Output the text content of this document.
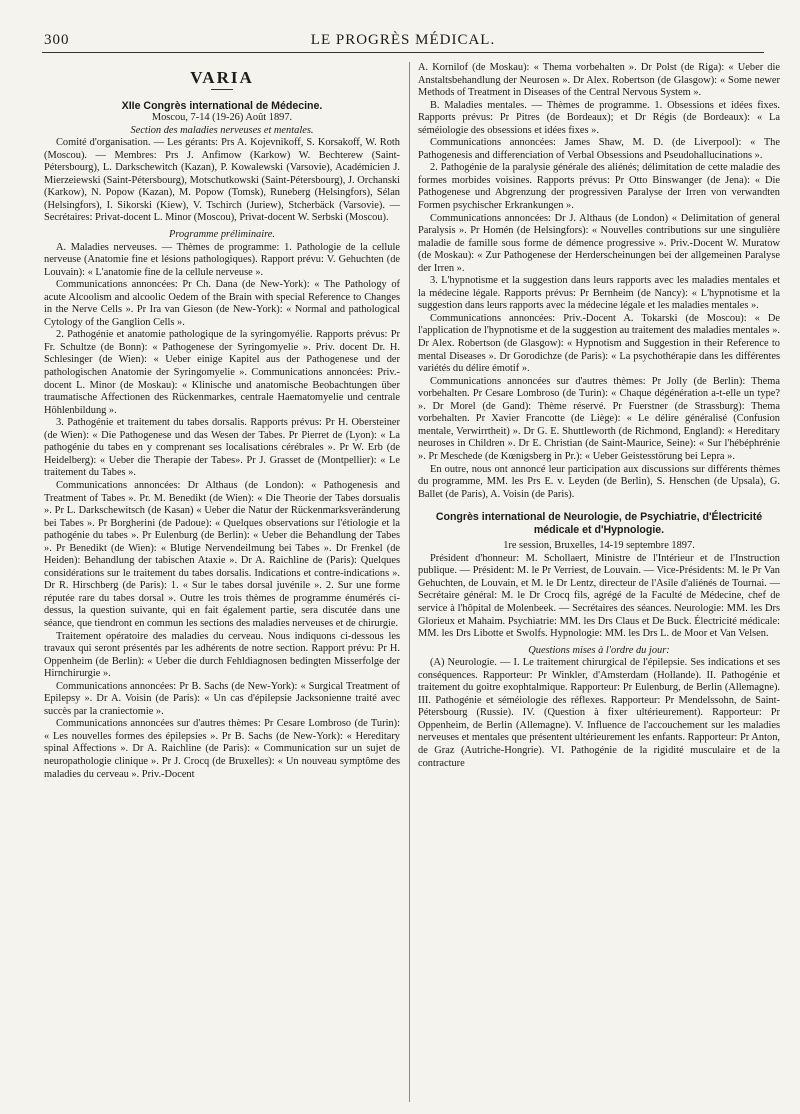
300	LE PROGRÈS MÉDICAL.
VARIA

XIIe Congrès international de Médecine.

Moscou, 7-14 (19-26) Août 1897.

Section des maladies nerveuses et mentales.

Comité d'organisation. — Les gérants: Prs A. Kojevnikoff, S. Korsakoff, W. Roth (Moscou). — Membres: Prs J. Anfimow (Karkow) W. Bechterew (Saint-Pétersbourg), L. Darkschewitch (Kazan), P. Kowalewski (Varsovie), Académicien J. Mierzeiewski (Saint-Pétersbourg), Motschutkowski (Saint-Pétersbourg), J. Orchanski (Karkow), N. Popow (Kazan), M. Popow (Tomsk), Runeberg (Helsingfors), Sélan (Helsingfors), I. Sikorski (Kiew), V. Tschirch (Juriew), Stcherbäck (Varsovie). — Secrétaires: Privat-docent L. Minor (Moscou), Privat-docent W. Serbski (Moscou).

Programme préliminaire.

A. Maladies nerveuses. — Thèmes de programme: 1. Pathologie de la cellule nerveuse (Anatomie fine et lésions pathologiques). Rapport prévu: V. Gehuchten (de Louvain): « L'anatomie fine de la cellule nerveuse ».

Communications annoncées: Pr Ch. Dana (de New-York): « The Pathology of acute Alcoolism and alcoolic Oedem of the Brain with special Reference to Changes in the Nerve Cells ». Pr Ira van Gieson (de New-York): « Normal and pathological Cytology of the Ganglion Cells ».

2. Pathogénie et anatomie pathologique de la syringomyélie. Rapports prévus: Pr Fr. Schultze (de Bonn): « Pathogenese der Syringomyelie ». Priv. docent Dr. H. Schlesinger (de Wien): « Ueber einige Kapitel aus der Pathogenese und der pathologischen Anatomie der Syringomyelie ». Communications annoncées: Priv.-docent L. Minor (de Moskau): « Klinische und anatomische Beobachtungen über traumatische Affectionen des Rückenmarkes, centrale Haematomyelie und centrale Höhlenbildung ».

3. Pathogénie et traitement du tabes dorsalis. Rapports prévus: Pr H. Obersteiner (de Wien): « Die Pathogenese und das Wesen der Tabes. Pr Pierret de (Lyon): « La pathogénie du tabes en y comprenant ses localisations cérébrales ». Pr W. Erb (de Heidelberg): « Ueber die Therapie der Tabes». Pr J. Grasset de (Montpellier): « Le traitement du Tabes ».

Communications annoncées: Dr Althaus (de London): « Pathogenesis and Treatment of Tabes ». Pr. M. Benedikt (de Wien): « Die Theorie der Tabes dorsualis ». Pr L. Darkschewitsch (de Kasan) « Ueber die Natur der Rückenmarksveränderung bei Tabes ». Pr Borgherini (de Padoue): « Quelques observations sur l'étiologie et la pathogénie du tabes ». Pr Eulenburg (de Berlin): « Ueber die Behandlung der Tabes ». Pr Benedikt (de Wien): « Blutige Nervendeilmung bei Tabes ». Dr Frenkel (de Heiden): Behandlung der tabischen Ataxie ». Dr A. Raichline de (Paris): Quelques considérations sur le traitement du tabes dorsalis. Indications et contre-indications ». Dr R. Hirschberg (de Paris): 1. « Sur le tabes dorsal juvénile ». 2. Sur une forme réputée rare du tabes dorsal ». Outre les trois thèmes de programme énumérés ci-dessus, la question suivante, qui en fait également partie, sera discutée dans une séance, que tiendront en commun les sections des maladies nerveuses et de chirurgie.

Traitement opératoire des maladies du cerveau. Nous indiquons ci-dessous les travaux qui seront présentés par les adhérents de notre section. Rapport prévu: Pr H. Oppenheim (de Berlin): « Ueber die durch Fehldiagnosen bedingten Misserfolge der Hirnchirurgie ».

Communications annoncées: Pr B. Sachs (de New-York): « Surgical Treatment of Epilepsy ». Dr A. Voisin (de Paris): « Un cas d'épilepsie Jacksonienne traité avec succès par la craniectomie ».

Communications annoncées sur d'autres thèmes: Pr Cesare Lombroso (de Turin): « Les nouvelles formes des épilepsies ». Pr B. Sachs (de New-York): « Hereditary spinal Affections ». Dr A. Raichline (de Paris): « Communication sur un sujet de neuropathologie clinique ». Pr J. Crocq (de Bruxelles): « Un nouveau symptôme des maladies du cerveau ». Priv.-Docent

A. Kornilof (de Moskau): « Thema vorbehalten ». Dr Polst (de Riga): « Ueber die Anstaltsbehandlung der Neurosen ». Dr Alex. Robertson (de Glasgow): « Some newer Methods of Treatment in Diseases of the Central Nervous System ».

B. Maladies mentales. — Thèmes de programme. 1. Obsessions et idées fixes. Rapports prévus: Pr Pitres (de Bordeaux); et Dr Régis (de Bordeaux): « La séméiologie des obsessions et idées fixes ».

Communications annoncées: James Shaw, M. D. (de Liverpool): « The Pathogenesis and differenciation of Verbal Obsessions and Pseudohallucinations ».

2. Pathogénie de la paralysie générale des aliénés; délimitation de cette maladie des formes morbides voisines. Rapports prévus: Pr Otto Binswanger (de Jena): « Die Pathogenese und Abgrenzung der progressiven Paralyse der Irren von verwandten Formen psychischer Erkrankungen ».

Communications annoncées: Dr J. Althaus (de London) « Delimitation of general Paralysis ». Pr Homén (de Helsingfors): « Nouvelles contributions sur une singulière maladie de famille sous forme de démence progressive ». Priv.-Docent W. Muratow (de Moskau): « Zur Pathogenese der Herderscheinungen bei der allgemeinen Paralyse der Irren ».

3. L'hypnotisme et la suggestion dans leurs rapports avec les maladies mentales et la médecine légale. Rapports prévus: Pr Bernheim (de Nancy): « L'hypnotisme et la suggestion dans leurs rapports avec la médecine légale et les maladies mentales ».

Communications annoncées: Priv.-Docent A. Tokarski (de Moscou): « De l'application de l'hypnotisme et de la suggestion au traitement des maladies mentales ». Dr Alex. Robertson (de Glasgow): « Hypnotism and Suggestion in their Reference to mental Diseases ». Dr Gorodichze (de Paris): « La psychothérapie dans les différentes variétés du délire émotif ».

Communications annoncées sur d'autres thèmes: Pr Jolly (de Berlin): Thema vorbehalten. Pr Cesare Lombroso (de Turin): « Chaque dégénération a-t-elle un type? ». Dr Morel (de Gand): Thème réservé. Pr Fuerstner (de Strassburg): Thema vorbehalten. Pr Xavier Francotte (de Liège): « Le délire généralisé (Confusion mentale, Verwirrtheit) ». Dr G. E. Shuttleworth (de Richmond, England): « Hereditary neuroses in Children ». Dr E. Christian (de Saint-Maurice, Seine): « Sur l'hébéphrénie ». Pr Meschede (de Kœnigsberg in Pr.): « Ueber Geistesstörung bei Lepra ».

En outre, nous ont annoncé leur participation aux discussions sur différents thèmes du programme, MM. les Prs E. v. Leyden (de Berlin), S. Henschen (de Upsala), G. Ballet (de Paris), A. Voisin (de Paris).

Congrès international de Neurologie, de Psychiatrie, d'Électricité médicale et d'Hypnologie.

1re session, Bruxelles, 14-19 septembre 1897.

Président d'honneur: M. Schollaert, Ministre de l'Intérieur et de l'Instruction publique. — Président: M. le Pr Verriest, de Louvain. — Vice-Présidents: M. le Pr Van Gehuchten, de Louvain, et M. le Dr Lentz, directeur de l'Asile d'aliénés de Tournai. — Secrétaire général: M. le Dr Crocq fils, agrégé de la Faculté de Médecine, chef de service à l'hôpital de Molenbeek. — Secrétaires des séances. Neurologie: MM. les Drs Glorieux et Mahaim. Psychiatrie: MM. les Drs Claus et De Buck. Électricité médicale: MM. les Drs Libotte et Swolfs. Hypnologie: MM. les Drs L. de Moor et Van Velsen.

Questions mises à l'ordre du jour:

(A) Neurologie. — I. Le traitement chirurgical de l'épilepsie. Ses indications et ses conséquences. Rapporteur: Pr Winkler, d'Amsterdam (Hollande). II. Pathogénie et traitement du goitre exophtalmique. Rapporteur: Pr Eulenburg, de Berlin (Allemagne). III. Pathogénie et séméiologie des réflexes. Rapporteur: Pr Mendelssohn, de Saint-Pétersbourg (Russie). IV. (Question à fixer ultérieurement). Rapporteur: Pr Oppenheim, de Berlin (Allemagne). V. Influence de l'accouchement sur les maladies nerveuses et mentales que présentent ultérieurement les enfants. Rapporteur: Pr Anton, de Graz (Autriche-Hongrie). VI. Pathogénie de la rigidité musculaire et de la contracture
